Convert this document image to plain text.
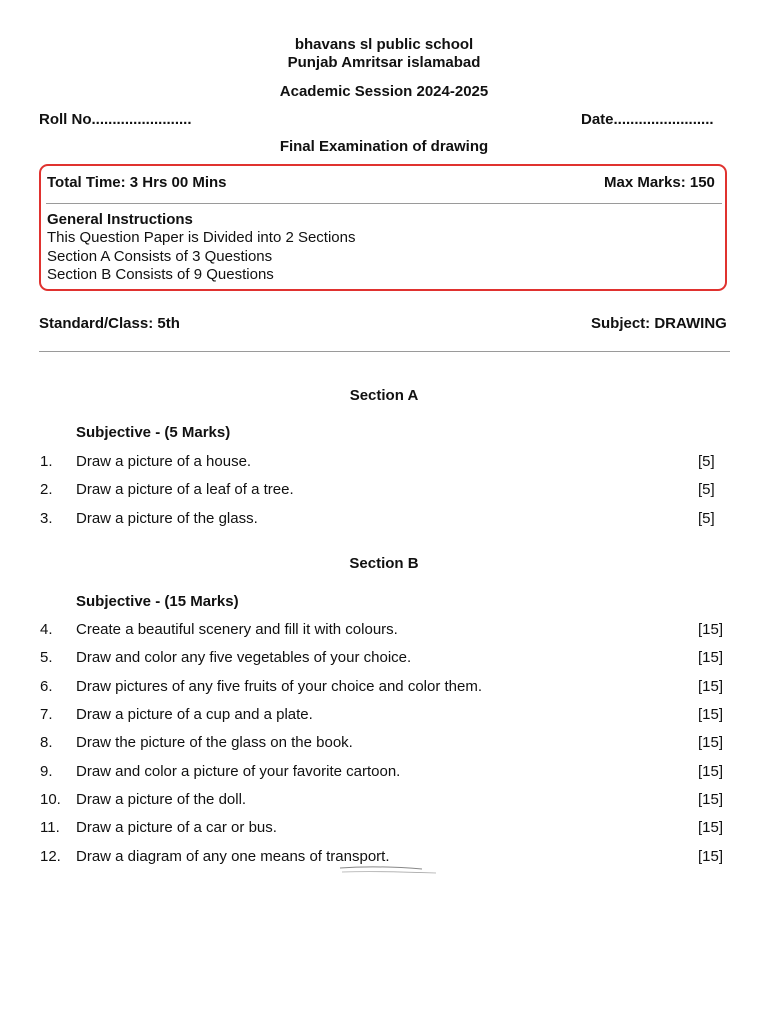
bhavans sl public school
Punjab Amritsar islamabad
Academic Session 2024-2025
Roll No........................	Date........................
Final Examination of drawing
Total Time: 3 Hrs 00 Mins	Max Marks: 150
General Instructions
This Question Paper is Divided into 2 Sections
Section A Consists of 3 Questions
Section B Consists of 9 Questions
Standard/Class: 5th	Subject: DRAWING
Section A
Subjective - (5 Marks)
1. Draw a picture of a house.	[5]
2. Draw a picture of a leaf of a tree.	[5]
3. Draw a picture of the glass.	[5]
Section B
Subjective - (15 Marks)
4. Create a beautiful scenery and fill it with colours.	[15]
5. Draw and color any five vegetables of your choice.	[15]
6. Draw pictures of any five fruits of your choice and color them.	[15]
7. Draw a picture of a cup and a plate.	[15]
8. Draw the picture of the glass on the book.	[15]
9. Draw and color a picture of your favorite cartoon.	[15]
10. Draw a picture of the doll.	[15]
11. Draw a picture of a car or bus.	[15]
12. Draw a diagram of any one means of transport.	[15]
